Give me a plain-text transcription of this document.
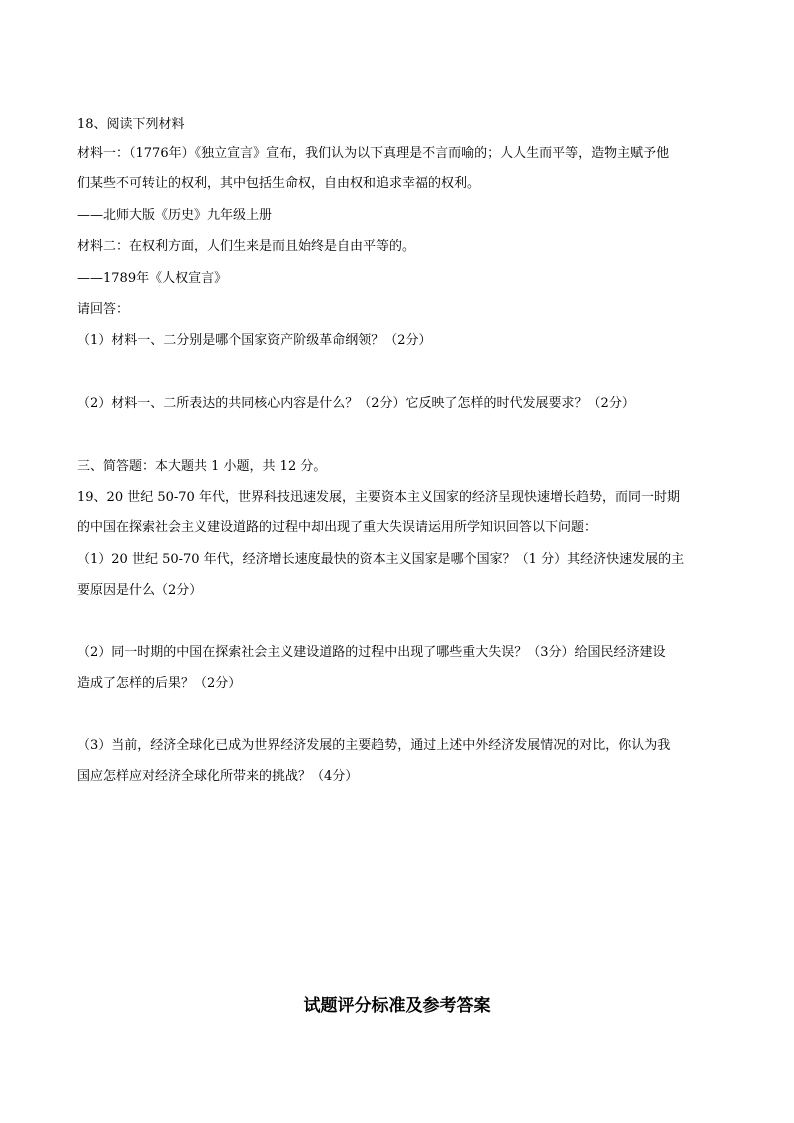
18、阅读下列材料
材料一：（1776年）《独立宣言》宣布，我们认为以下真理是不言而喻的；人人生而平等，造物主赋予他
们某些不可转让的权利，其中包括生命权，自由权和追求幸福的权利。
——北师大版《历史》九年级上册
材料二：在权利方面，人们生来是而且始终是自由平等的。
——1789年《人权宣言》
请回答：
（1）材料一、二分别是哪个国家资产阶级革命纲领？（2分）
（2）材料一、二所表达的共同核心内容是什么？（2分）它反映了怎样的时代发展要求？（2分）
三、简答题：本大题共 1 小题，共 12 分。
19、20 世纪 50-70 年代，世界科技迅速发展，主要资本主义国家的经济呈现快速增长趋势，而同一时期
的中国在探索社会主义建设道路的过程中却出现了重大失误请运用所学知识回答以下问题：
（1）20 世纪 50-70 年代，经济增长速度最快的资本主义国家是哪个国家？（1 分）其经济快速发展的主
要原因是什么（2分）
（2）同一时期的中国在探索社会主义建设道路的过程中出现了哪些重大失误？（3分）给国民经济建设
造成了怎样的后果？（2分）
（3）当前，经济全球化已成为世界经济发展的主要趋势，通过上述中外经济发展情况的对比，你认为我
国应怎样应对经济全球化所带来的挑战？（4分）
试题评分标准及参考答案
